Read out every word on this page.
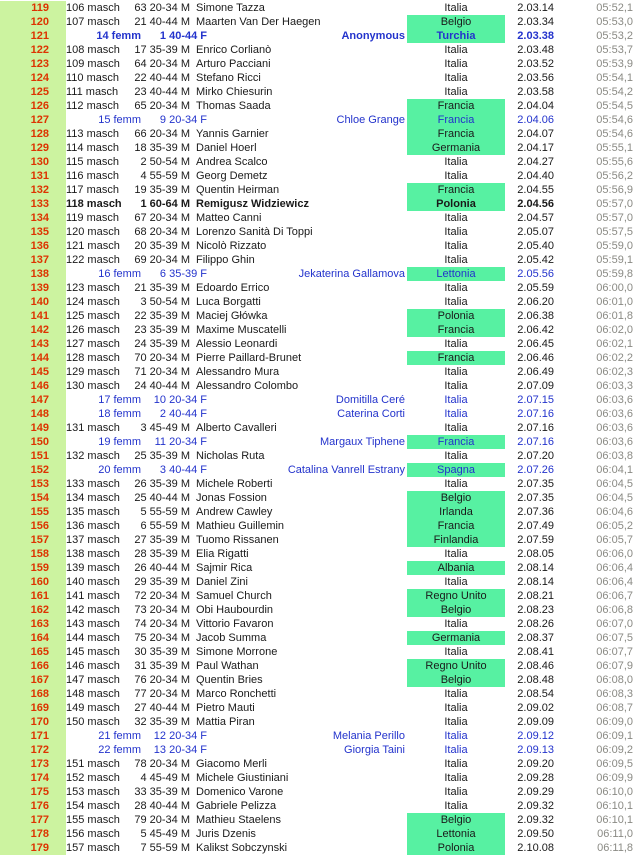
119	106 masch	63 20-34 M Simone Tazza	Italia	2.03.14	05:52,1
120	107 masch	21 40-44 M Maarten Van Der Haegen	Belgio	2.03.34	05:53,0
121	14 femm	1 40-44 F	Anonymous	Turchia	2.03.38	05:53,2
122	108 masch	17 35-39 M Enrico Corlianò	Italia	2.03.48	05:53,7
123	109 masch	64 20-34 M Arturo Pacciani	Italia	2.03.52	05:53,9
124	110 masch	22 40-44 M Stefano Ricci	Italia	2.03.56	05:54,1
125	111 masch	23 40-44 M Mirko Chiesurin	Italia	2.03.58	05:54,2
126	112 masch	65 20-34 M Thomas Saada	Francia	2.04.04	05:54,5
127	15 femm	9 20-34 F	Chloe Grange	Francia	2.04.06	05:54,6
128	113 masch	66 20-34 M Yannis Garnier	Francia	2.04.07	05:54,6
129	114 masch	18 35-39 M Daniel Hoerl	Germania	2.04.17	05:55,1
130	115 masch	2 50-54 M Andrea Scalco	Italia	2.04.27	05:55,6
131	116 masch	4 55-59 M Georg Demetz	Italia	2.04.40	05:56,2
132	117 masch	19 35-39 M Quentin Heirman	Francia	2.04.55	05:56,9
133	118 masch	1 60-64 M Remigusz Widziewicz	Polonia	2.04.56	05:57,0
134	119 masch	67 20-34 M Matteo Canni	Italia	2.04.57	05:57,0
135	120 masch	68 20-34 M Lorenzo Sanità Di Toppi	Italia	2.05.07	05:57,5
136	121 masch	20 35-39 M Nicolò Rizzato	Italia	2.05.40	05:59,0
137	122 masch	69 20-34 M Filippo Ghin	Italia	2.05.42	05:59,1
138	16 femm	6 35-39 F	Jekaterina Gallamova	Lettonia	2.05.56	05:59,8
139	123 masch	21 35-39 M Edoardo Errico	Italia	2.05.59	06:00,0
140	124 masch	3 50-54 M Luca Borgatti	Italia	2.06.20	06:01,0
141	125 masch	22 35-39 M Maciej Główka	Polonia	2.06.38	06:01,8
142	126 masch	23 35-39 M Maxime Muscatelli	Francia	2.06.42	06:02,0
143	127 masch	24 35-39 M Alessio Leonardi	Italia	2.06.45	06:02,1
144	128 masch	70 20-34 M Pierre Paillard-Brunet	Francia	2.06.46	06:02,2
145	129 masch	71 20-34 M Alessandro Mura	Italia	2.06.49	06:02,3
146	130 masch	24 40-44 M Alessandro Colombo	Italia	2.07.09	06:03,3
147	17 femm	10 20-34 F	Domitilla Ceré	Italia	2.07.15	06:03,6
148	18 femm	2 40-44 F	Caterina Corti	Italia	2.07.16	06:03,6
149	131 masch	3 45-49 M Alberto Cavalleri	Italia	2.07.16	06:03,6
150	19 femm	11 20-34 F	Margaux Tiphene	Francia	2.07.16	06:03,6
151	132 masch	25 35-39 M Nicholas Ruta	Italia	2.07.20	06:03,8
152	20 femm	3 40-44 F	Catalina Vanrell Estrany	Spagna	2.07.26	06:04,1
153	133 masch	26 35-39 M Michele Roberti	Italia	2.07.35	06:04,5
154	134 masch	25 40-44 M Jonas Fossion	Belgio	2.07.35	06:04,5
155	135 masch	5 55-59 M Andrew Cawley	Irlanda	2.07.36	06:04,6
156	136 masch	6 55-59 M Mathieu Guillemin	Francia	2.07.49	06:05,2
157	137 masch	27 35-39 M Tuomo Rissanen	Finlandia	2.07.59	06:05,7
158	138 masch	28 35-39 M Elia Rigatti	Italia	2.08.05	06:06,0
159	139 masch	26 40-44 M Sajmir Rica	Albania	2.08.14	06:06,4
160	140 masch	29 35-39 M Daniel Zini	Italia	2.08.14	06:06,4
161	141 masch	72 20-34 M Samuel Church	Regno Unito	2.08.21	06:06,7
162	142 masch	73 20-34 M Obi Haubourdin	Belgio	2.08.23	06:06,8
163	143 masch	74 20-34 M Vittorio Favaron	Italia	2.08.26	06:07,0
164	144 masch	75 20-34 M Jacob Summa	Germania	2.08.37	06:07,5
165	145 masch	30 35-39 M Simone Morrone	Italia	2.08.41	06:07,7
166	146 masch	31 35-39 M Paul Wathan	Regno Unito	2.08.46	06:07,9
167	147 masch	76 20-34 M Quentin Bries	Belgio	2.08.48	06:08,0
168	148 masch	77 20-34 M Marco Ronchetti	Italia	2.08.54	06:08,3
169	149 masch	27 40-44 M Pietro Mauti	Italia	2.09.02	06:08,7
170	150 masch	32 35-39 M Mattia Piran	Italia	2.09.09	06:09,0
171	21 femm	12 20-34 F	Melania Perillo	Italia	2.09.12	06:09,1
172	22 femm	13 20-34 F	Giorgia Taini	Italia	2.09.13	06:09,2
173	151 masch	78 20-34 M Giacomo Merli	Italia	2.09.20	06:09,5
174	152 masch	4 45-49 M Michele Giustiniani	Italia	2.09.28	06:09,9
175	153 masch	33 35-39 M Domenico Varone	Italia	2.09.29	06:10,0
176	154 masch	28 40-44 M Gabriele Pelizza	Italia	2.09.32	06:10,1
177	155 masch	79 20-34 M Mathieu Staelens	Belgio	2.09.32	06:10,1
178	156 masch	5 45-49 M Juris Dzenis	Lettonia	2.09.50	06:11,0
179	157 masch	7 55-59 M Kalikst Sobczynski	Polonia	2.10.08	06:11,8
